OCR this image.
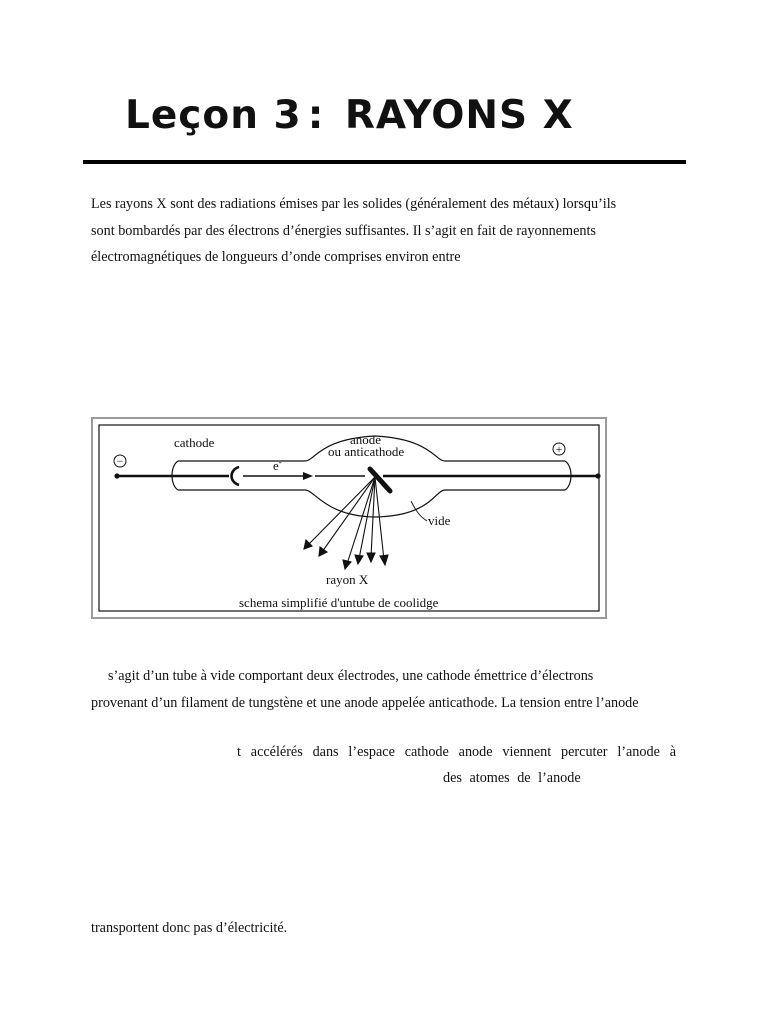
Leçon 3 : RAYONS X
Les rayons X sont des radiations émises par les solides (généralement des métaux) lorsqu’ils
sont bombardés par des électrons d’énergies suffisantes. Il s’agit en fait de rayonnements
électromagnétiques de longueurs d’onde comprises environ entre
−
+
cathode	anode
ou anticathode
e-
vide
rayon X
schema simplifié d'untube de coolidge
s’agit d’un tube à vide comportant deux électrodes, une cathode émettrice d’électrons
provenant d’un filament de tungstène et une anode appelée anticathode. La tension entre l’anode
t accélérés dans l’espace cathode anode viennent percuter l’anode à
des atomes de l’anode
transportent donc pas d’électricité.
